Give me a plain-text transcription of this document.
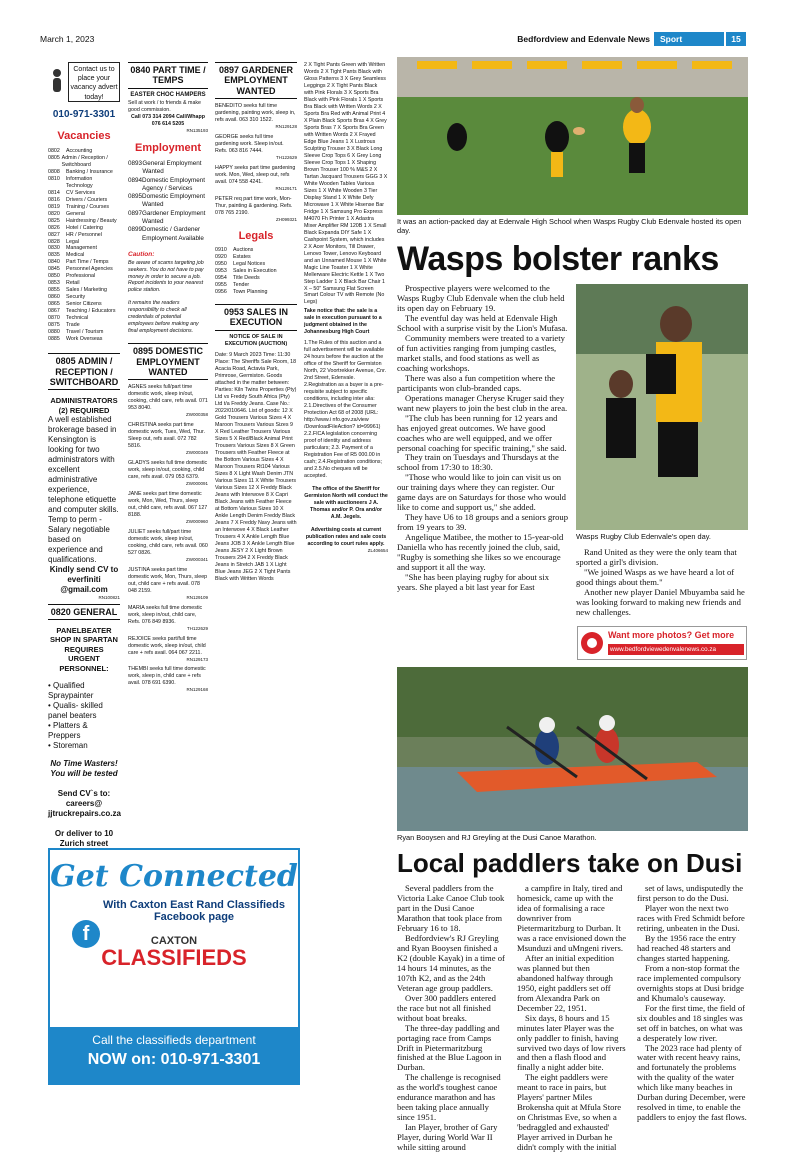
March 1, 2023	Bedfordview and Edenvale News	Sport	15
Contact us to place your vacancy advert today!
010-971-3301
Vacancies
0802	Accounting
0805 Admin / Reception / Switchboard
0808	Banking / Insurance
0810	Information Technology
0814	CV Services
0816	Drivers / Couriers
0819	Training / Courses
0820	General
0825	Hairdressing / Beauty
0826	Hotel / Catering
0827	HR / Personnel
0828	Legal
0830	Management
0835	Medical
0840	Part Time / Temps
0845	Personnel Agencies
0850	Professional
0853	Retail
0855	Sales / Marketing
0860	Security
0865	Senior Citizens
0867	Teaching / Educators
0870	Technical
0875	Trade
0880	Travel / Tourism
0885	Work Overseas
0805 ADMIN / RECEPTION / SWITCHBOARD
ADMINISTRATORS (2) REQUIRED
A well established brokerage based in Kensington is looking for two administrators with excellent administrative experience, telephone etiquette and computer skills. Temp to perm - Salary negotiable based on experience and qualifications.
Kindly send CV to everfiniti @gmail.com
RN100821
0820 GENERAL
PANELBEATER SHOP IN SPARTAN REQUIRES URGENT PERSONNEL:
• Qualified Spraypainter
• Qualis- skilled panel beaters
• Platters & Preppers
• Storeman
No Time Wasters! You will be tested
Send CV`s to: careers@ jjtruckrepairs.co.za
Or deliver to 10 Zurich street
0840 PART TIME / TEMPS
EASTER CHOC HAMPERS
Sell at work / to friends & make good commission.
Call 073 314 2094 Call/Whapp 076 614 5205
RN135193
Employment
0893 General Employment Wanted
0894 Domestic Employment Agency / Services
0895 Domestic Employment Wanted
0897 Gardener Employment Wanted
0899 Domestic / Gardener Employment Available
Caution:
Be aware of scams targeting job seekers. You do not have to pay money in order to secure a job. Report incidents to your nearest police station.
It remains the readers responsibility to check all credentials of potential employees before making any final employment decisions.
0895 DOMESTIC EMPLOYMENT WANTED
AGNES seeks full/part time domestic work, sleep in/out, cooking, child care, refs avail. 071 953 8040.
ZW000358
CHRISTINA seeks part time domestic work, Tues, Wed, Thur. Sleep out, refs avail. 072 782 5816.
ZW000349
GLADYS seeks full time domestic work, sleep in/out, cooking, child care, refs avail. 079 053 6379.
ZW000091
JANE seeks part time domestic work, Mon, Wed, Thurs, sleep out, child care, refs avail. 067 127 8188.
ZW000960
JULIET seeks full/part time domestic work, sleep in/out, cooking, child care, refs avail. 060 527 0826.
ZW000341
JUSTINA seeks part time domestic work, Mon, Thurs, sleep out, child care + refs avail. 078 048 2159.
RN129109
MARIA seeks full time domestic work, sleep in/out, child care, Refs. 076 849 8936.
TH122629
REJOICE seeks part/full time domestic work, sleep in/out, child care + refs avail. 064 067 2211.
RN129173
THEMBI seeks full time domestic work, sleep in, child care + refs avail. 078 691 6390.
RN129168
0897 GARDENER EMPLOYMENT WANTED
BENEDITO seeks full time gardening, painting work, sleep in, refs avail. 063 310 1522.
RN129128
GEORGE seeks full time gardening work. Sleep in/out. Refs. 063 816 7444.
TH122629
HAPPY seeks part time gardening work. Mon, Wed, sleep out, refs avail. 074 558 4241.
RN129171
PETER req part time work, Mon-Thur, painting & gardening. Refs. 078 765 2190.
ZH099321
Legals
0910	Auctions
0920	Estates
0950	Legal Notices
0953	Sales in Execution
0954	Title Deeds
0955	Tender
0956	Town Planning
0953 SALES IN EXECUTION
NOTICE OF SALE IN EXECUTION (AUCTION)
Date: 9 March 2023 Time: 11:30 Place: The Sheriffs Sale Room, 18 Acacia Road, Actavia Park, Primrose, Germiston. Goods attached in the matter between: Parties: Kiln Twins Properties (Pty) Ltd vs Freddy South Africa (Pty) Ltd t/a Freddy Jeans. Case No.: 2022/010646. List of goods: 12 X Gold Trousers Various Sizes 4 X Maroon Trousers Various Sizes 9 X Red Leather Trousers Various Sizes 5 X Red/Black Animal Print Trousers Various Sizes 8 X Green Trousers with Feather Fleece at the Bottom Various Sizes 4 X Maroon Trousers Rt104 Various Sizes 8 X Light Wash Denim JTN Various Sizes 11 X White Trousers Various Sizes 12 X Freddy Black Jeans with Interwove 8 X Capri Black Jeans with Feather Fleece at Bottom Various Sizes 10 X Ankle Length Denim Freddy Black Jeans 7 X Freddy Navy Jeans with an Interwove 4 X Black Leather Trousers 4 X Ankle Length Blue Jeans JOB 3 X Ankle Length Blue Jeans JESY 2 X Light Brown Trousers 294 2 X Freddy Black Jeans in Stretch JAB 1 X Light Blue Jeans JEG 2 X Tight Pants Black with Written Words
2 X Tight Pants Green with Written Words 2 X Tight Pants Black with Gloss Patterns 3 X Grey Seamless Leggings 2 X Tight Pants Black with Pink Florals 3 X Sports Bra Black with Pink Florals 1 X Sports Bra Black with Written Words 2 X Sports Bra Red with Animal Print 4 X Plain Black Sports Bras 4 X Grey Sports Bras 7 X Sports Bra Green with Written Words 2 X Frayed Edge Blue Jeans 1 X Lustrous Sculpting Trouser 3 X Black Long Sleeve Crop Tops 6 X Grey Long Sleeve Crop Tops 1 X Shaping Brown Trouser 100 % M&S 2 X Tartan Jacquard Trousers GGG 3 X White Wooden Tables Various Sizes 1 X White Wooden 3 Tier Display Stand 1 X White Defy Microwave 1 X White Hisense Bar Fridge 1 X Samsung Pro Express M4070 Fh Printer 1 X Adastra Mixer Amplifier RM 120B 1 X Small Black Expanda DIY Safe 1 X Cashpoint System, which includes 2 X Acer Monitors, Till Drawer, Lenovo Tower, Lenovo Keyboard and an Unnamed Mouse 1 X White Magic Line Toaster 1 X White Mellerware Electric Kettle 1 X Two Step Ladder 1 X Black Bar Chair 1 X – 50" Samsung Flat Screen Smart Colour TV with Remote (No Legs)
Take notice that: the sale is a sale in execution pursuant to a judgment obtained in the Johannesburg High Court
1.The Rules of this auction and a full advertisement will be available 24 hours before the auction at the office of the Sheriff for Germiston North, 22 Voortrekker Avenue, Cnr. 2nd Street, Edenvale. 2.Registration as a buyer is a pre- requisite subject to specific conditions, including inter alia: 2.1.Directives of the Consumer Protection Act 68 of 2008 (URL: http://www.i nfo.gov.za/view /DownloadFileAction? id=99961) 2.2.FICA legislation concerning proof of identity and address particulars; 2.3. Payment of a Registration Fee of R5 000.00 in cash; 2.4.Registration conditions; and 2.5.No cheques will be accepted.
The office of the Sheriff for Germiston North will conduct the sale with auctioneers J A. Thomas and/or P. Ora and/or A.M. Jegels.
Advertising costs at current publication rates and sale costs according to court rules apply.
ZL406654
Get Connected
f
With Caxton East Rand Classifieds Facebook page
CAXTON
CLASSIFIEDS
Call the classifieds department
NOW on: 010-971-3301
It was an action-packed day at Edenvale High School when Wasps Rugby Club Edenvale hosted its open day.
Wasps bolster ranks

Prospective players were welcomed to the Wasps Rugby Club Edenvale when the club held its open day on February 19.

The eventful day was held at Edenvale High School with a surprise visit by the Lion's Mufasa.

Community members were treated to a variety of fun activities ranging from jumping castles, market stalls, and food stations as well as coaching workshops.

There was also a fun competition where the participants won club-branded caps.

Operations manager Cheryse Kruger said they want new players to join the best club in the area.

"The club has been running for 12 years and has enjoyed great outcomes. We have good coaches who are well equipped, and we offer personal coaching for specific training," she said.

They train on Tuesdays and Thursdays at the school from 17:30 to 18:30.

"Those who would like to join can visit us on our training days where they can register. Our game days are on Saturdays for those who would like to come and support us," she added.

They have U6 to 18 groups and a seniors group from 19 years to 39.

Angelique Matibee, the mother to 15-year-old Daniella who has recently joined the club, said, "Rugby is something she likes so we encourage and support it all the way.

"She has been playing rugby for about six years. She played a bit last year for East

Wasps Rugby Club Edenvale's open day.

Rand United as they were the only team that sported a girl's division.

"We joined Wasps as we have heard a lot of good things about them."

Another new player Daniel Mbuyamba said he was looking forward to making new friends and new challenges.

Want more photos? Get more
www.bedfordviewedenvalenews.co.za
Ryan Booysen and RJ Greyling at the Dusi Canoe Marathon.
Local paddlers take on Dusi

Several paddlers from the Victoria Lake Canoe Club took part in the Dusi Canoe Marathon that took place from February 16 to 18.

Bedfordview's RJ Greyling and Ryan Booysen finished a K2 (double Kayak) in a time of 14 hours 14 minutes, as the 107th K2, and as the 24th Veteran age group paddlers.

Over 300 paddlers entered the race but not all finished without boat breaks.

The three-day paddling and portaging race from Camps Drift in Pietermaritzburg finished at the Blue Lagoon in Durban.

The challenge is recognised as the world's toughest canoe endurance marathon and has been taking place annually since 1951.

Ian Player, brother of Gary Player, during World War II while sitting around

a campfire in Italy, tired and homesick, came up with the idea of formalising a race downriver from Pietermaritzburg to Durban. It was a race envisioned down the Msunduzi and uMngeni rivers.

After an initial expedition was planned but then abandoned halfway through 1950, eight paddlers set off from Alexandra Park on December 22, 1951.

Six days, 8 hours and 15 minutes later Player was the only paddler to finish, having survived two days of low rivers and then a flash flood and finally a night adder bite.

The eight paddlers were meant to race in pairs, but Players' partner Miles Brokensha quit at Mfula Store on Christmas Eve, so when a 'bedraggled and exhausted' Player arrived in Durban he didn't comply with the initial

set of laws, undisputedly the first person to do the Dusi.

Player won the next two races with Fred Schmidt before retiring, unbeaten in the Dusi.

By the 1956 race the entry had reached 48 starters and changes started happening.

From a non-stop format the race implemented compulsory overnights stops at Dusi bridge and Khumalo's causeway.

For the first time, the field of six doubles and 18 singles was set off in batches, on what was a desperately low river.

The 2023 race had plenty of water with recent heavy rains, and fortunately the problems with the quality of the water which like many beaches in Durban during December, were resolved in time, to enable the paddlers to enjoy the fast flows.
